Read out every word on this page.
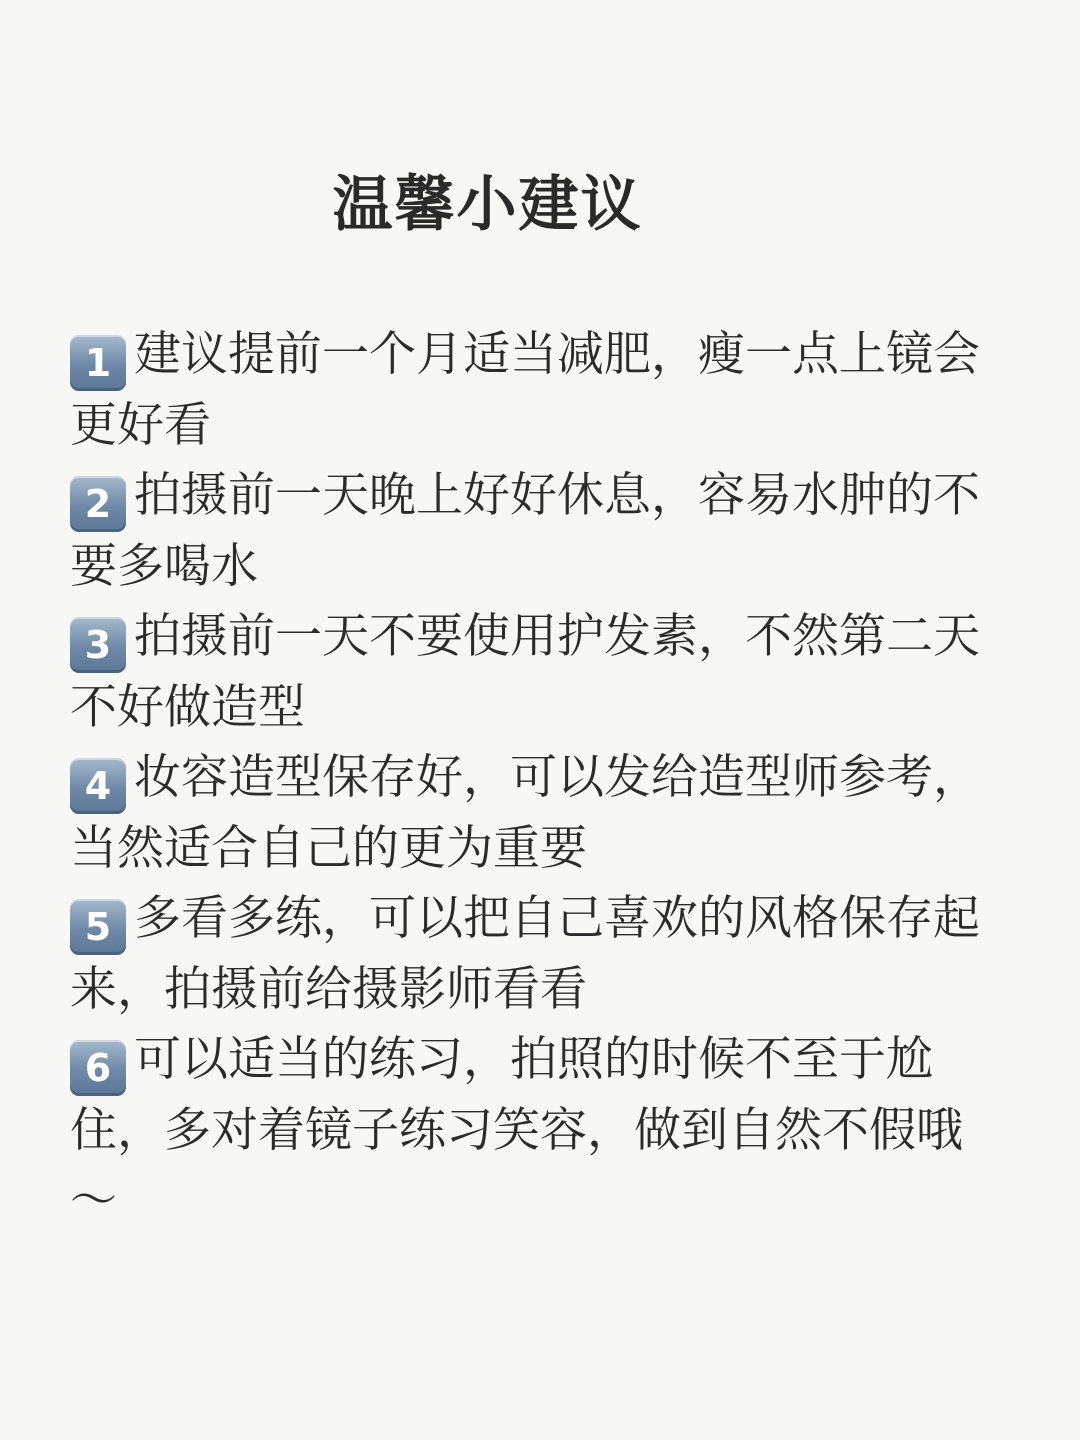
温馨小建议
1 建议提前一个月适当减肥，瘦一点上镜会更好看
2 拍摄前一天晚上好好休息，容易水肿的不要多喝水
3 拍摄前一天不要使用护发素，不然第二天不好做造型
4 妆容造型保存好，可以发给造型师参考，当然适合自己的更为重要
5 多看多练，可以把自己喜欢的风格保存起来，拍摄前给摄影师看看
6 可以适当的练习，拍照的时候不至于尬住，多对着镜子练习笑容，做到自然不假哦～
